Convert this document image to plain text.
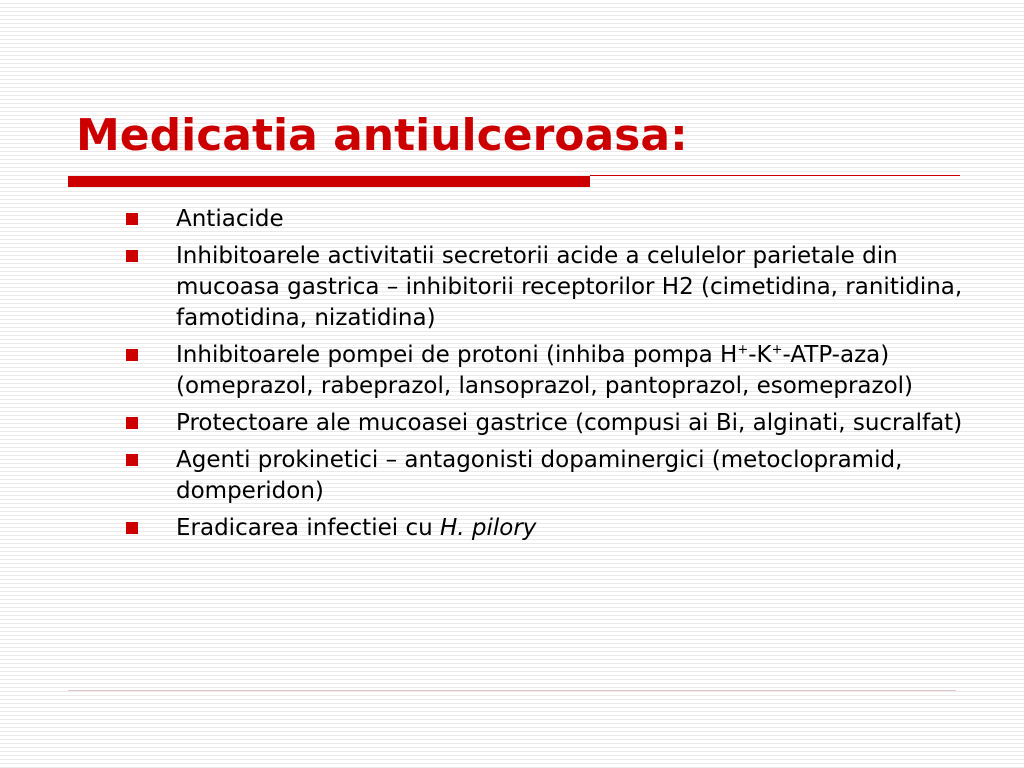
Medicatia antiulceroasa:
Antiacide
Inhibitoarele activitatii secretorii acide a celulelor parietale din mucoasa gastrica – inhibitorii receptorilor H2 (cimetidina, ranitidina, famotidina, nizatidina)
Inhibitoarele pompei de protoni (inhiba pompa H+-K+-ATP-aza) (omeprazol, rabeprazol, lansoprazol, pantoprazol, esomeprazol)
Protectoare ale mucoasei gastrice (compusi ai Bi, alginati, sucralfat)
Agenti prokinetici – antagonisti dopaminergici (metoclopramid, domperidon)
Eradicarea infectiei cu H. pilory
